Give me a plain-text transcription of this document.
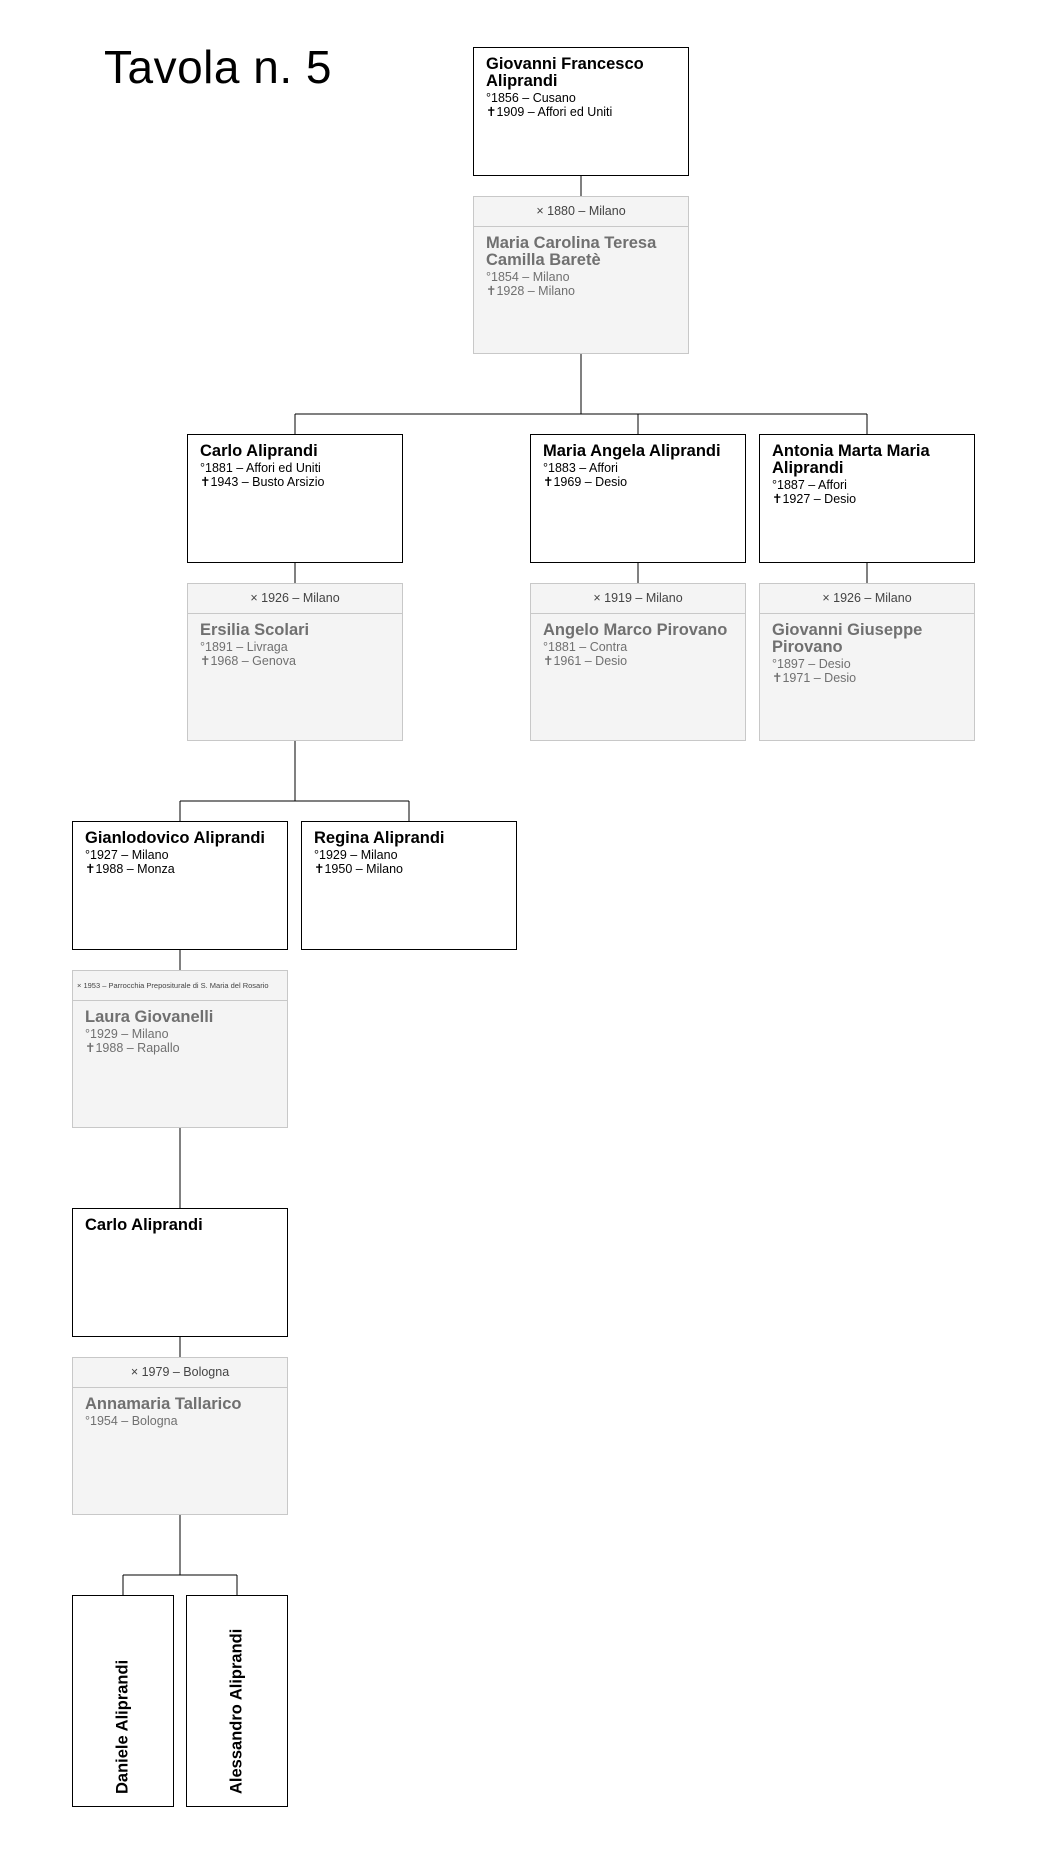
Tavola n. 5	Giovanni Francesco Aliprandi
°1856 – Cusano
✝1909 – Affori ed Uniti
× 1880 – Milano
Maria Carolina Teresa Camilla Baretè
°1854 – Milano
✝1928 – Milano
Carlo Aliprandi
°1881 – Affori ed Uniti
✝1943 – Busto Arsizio
× 1926 – Milano
Ersilia Scolari
°1891 – Livraga
✝1968 – Genova
Maria Angela Aliprandi
°1883 – Affori
✝1969 – Desio
× 1919 – Milano
Angelo Marco Pirovano
°1881 – Contra
✝1961 – Desio
Antonia Marta Maria Aliprandi
°1887 – Affori
✝1927 – Desio
× 1926 – Milano
Giovanni Giuseppe Pirovano
°1897 – Desio
✝1971 – Desio
Gianlodovico Aliprandi
°1927 – Milano
✝1988 – Monza
× 1953 – Parrocchia Prepositurale di S. Maria del Rosario
Laura Giovanelli
°1929 – Milano
✝1988 – Rapallo
Regina Aliprandi
°1929 – Milano
✝1950 – Milano
Carlo Aliprandi
× 1979 – Bologna
Annamaria Tallarico
°1954 – Bologna
Daniele Aliprandi	Alessandro Aliprandi
